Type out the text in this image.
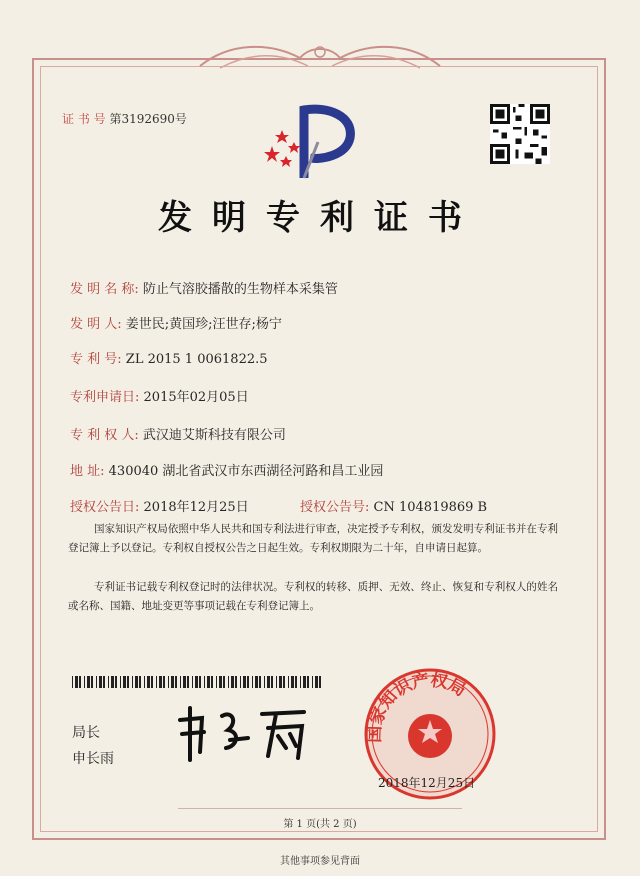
证 书 号 第3192690号
发明专利证书
发 明 名 称: 防止气溶胶播散的生物样本采集管
发 明 人: 姜世民;黄国珍;汪世存;杨宁
专 利 号: ZL 2015 1 0061822.5
专利申请日: 2015年02月05日
专 利 权 人: 武汉迪艾斯科技有限公司
地 址: 430040 湖北省武汉市东西湖径河路和昌工业园
授权公告日: 2018年12月25日	授权公告号: CN 104819869 B
国家知识产权局依照中华人民共和国专利法进行审查，决定授予专利权，颁发发明专利证书并在专利登记簿上予以登记。专利权自授权公告之日起生效。专利权期限为二十年，自申请日起算。
专利证书记载专利权登记时的法律状况。专利权的转移、质押、无效、终止、恢复和专利权人的姓名或名称、国籍、地址变更等事项记载在专利登记簿上。
局长
申长雨
国家知识产权局
2018年12月25日
第 1 页(共 2 页)
其他事项参见背面
